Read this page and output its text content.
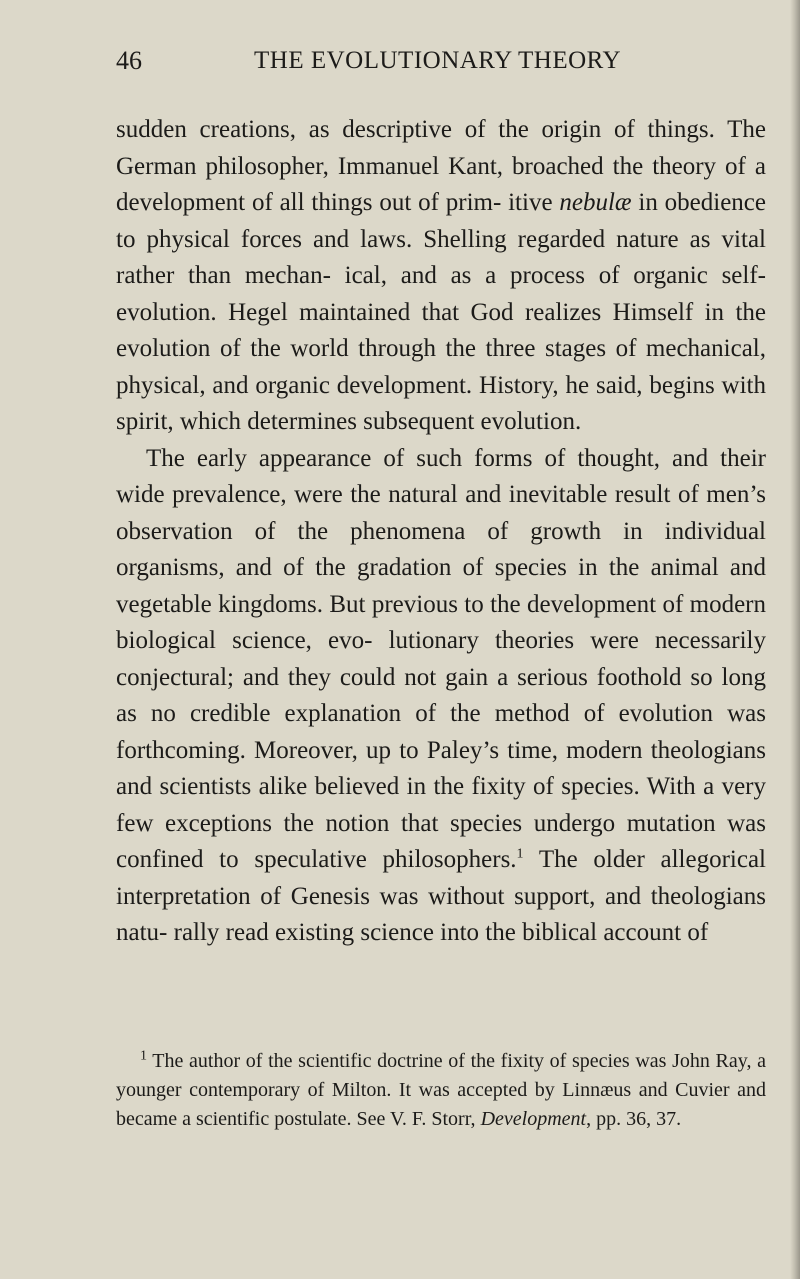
46	THE EVOLUTIONARY THEORY

sudden creations, as descriptive of the origin of things. The German philosopher, Immanuel Kant, broached the theory of a development of all things out of prim- itive nebulæ in obedience to physical forces and laws. Shelling regarded nature as vital rather than mechan- ical, and as a process of organic self-evolution. Hegel maintained that God realizes Himself in the evolution of the world through the three stages of mechanical, physical, and organic development. History, he said, begins with spirit, which determines subsequent evolution.

The early appearance of such forms of thought, and their wide prevalence, were the natural and inevitable result of men’s observation of the phenomena of growth in individual organisms, and of the gradation of species in the animal and vegetable kingdoms. But previous to the development of modern biological science, evo- lutionary theories were necessarily conjectural; and they could not gain a serious foothold so long as no credible explanation of the method of evolution was forthcoming. Moreover, up to Paley’s time, modern theologians and scientists alike believed in the fixity of species. With a very few exceptions the notion that species undergo mutation was confined to speculative philosophers.$^1$ The older allegorical interpretation of Genesis was without support, and theologians natu- rally read existing science into the biblical account of

$^1$ The author of the scientific doctrine of the fixity of species was John Ray, a younger contemporary of Milton. It was accepted by Linnæus and Cuvier and became a scientific postulate. See V. F. Storr, Development, pp. 36, 37.
